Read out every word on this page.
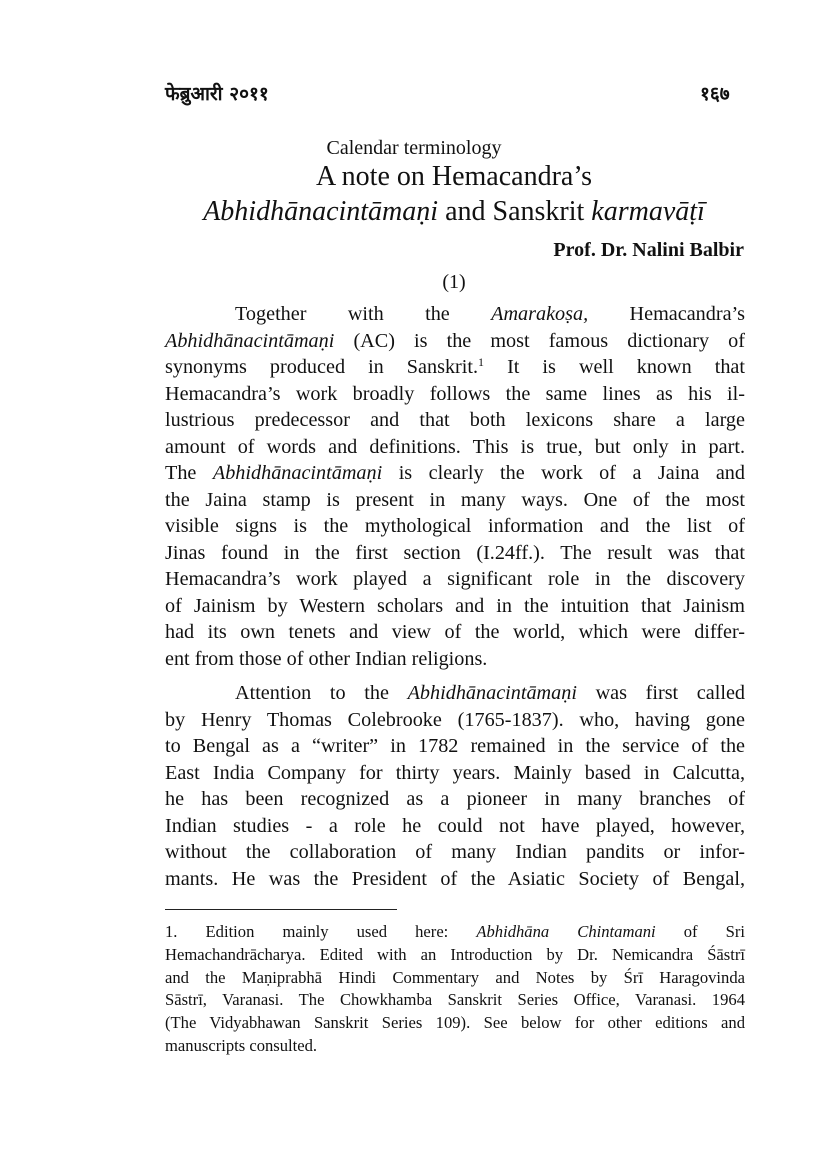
फेब्रुआरी २०११	१६७
Calendar terminology
A note on Hemacandra’s
Abhidhānacintāmaṇi and Sanskrit karmavāṭī
Prof. Dr. Nalini Balbir
(1)
Together with the Amarakoṣa, Hemacandra’s
Abhidhānacintāmaṇi (AC) is the most famous dictionary of
synonyms produced in Sanskrit.$^1$ It is well known that
Hemacandra’s work broadly follows the same lines as his il-
lustrious predecessor and that both lexicons share a large
amount of words and definitions. This is true, but only in part.
The Abhidhānacintāmaṇi is clearly the work of a Jaina and
the Jaina stamp is present in many ways. One of the most
visible signs is the mythological information and the list of
Jinas found in the first section (I.24ff.). The result was that
Hemacandra’s work played a significant role in the discovery
of Jainism by Western scholars and in the intuition that Jainism
had its own tenets and view of the world, which were differ-
ent from those of other Indian religions.
Attention to the Abhidhānacintāmaṇi was first called
by Henry Thomas Colebrooke (1765-1837). who, having gone
to Bengal as a “writer” in 1782 remained in the service of the
East India Company for thirty years. Mainly based in Calcutta,
he has been recognized as a pioneer in many branches of
Indian studies - a role he could not have played, however,
without the collaboration of many Indian pandits or infor-
mants. He was the President of the Asiatic Society of Bengal,
1. Edition mainly used here: Abhidhāna Chintamani of Sri
Hemachandrācharya. Edited with an Introduction by Dr. Nemicandra Śāstrī
and the Maṇiprabhā Hindi Commentary and Notes by Śrī Haragovinda
Sāstrī, Varanasi. The Chowkhamba Sanskrit Series Office, Varanasi. 1964
(The Vidyabhawan Sanskrit Series 109). See below for other editions and
manuscripts consulted.
